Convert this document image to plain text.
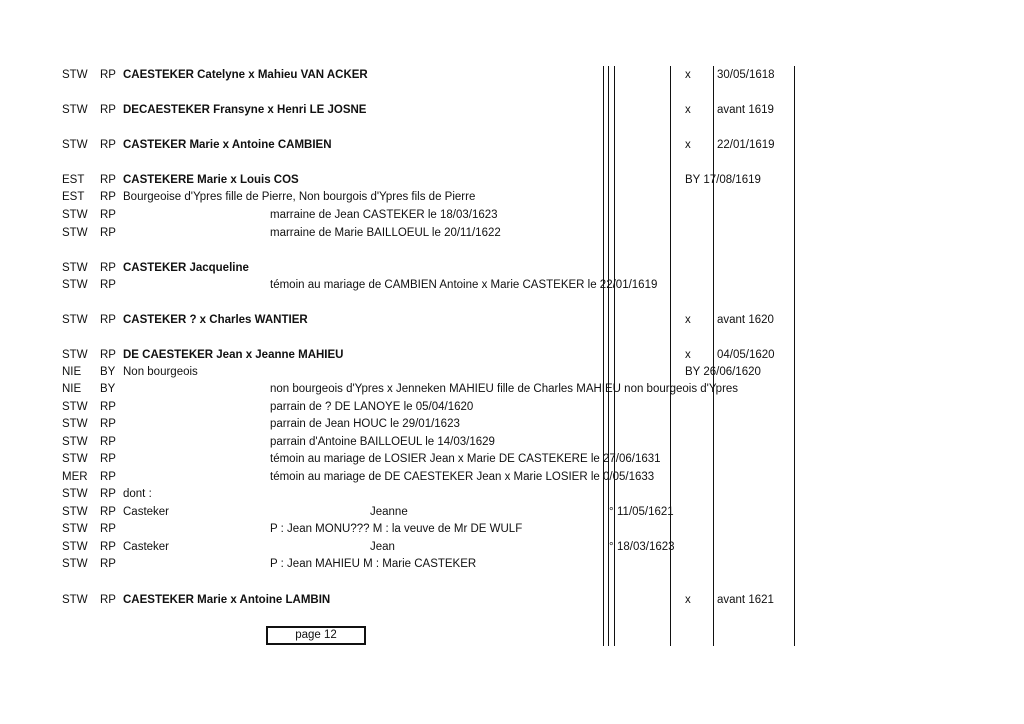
STW RP CAESTEKER Catelyne x Mahieu VAN ACKER	x 30/05/1618
STW RP DECAESTEKER Fransyne x Henri LE JOSNE	x avant 1619
STW RP CASTEKER Marie x Antoine CAMBIEN	x 22/01/1619
EST RP CASTEKERE Marie x Louis COS	BY 17/08/1619
EST RP Bourgeoise d'Ypres fille de Pierre, Non bourgois d'Ypres fils de Pierre
STW RP	marraine de Jean CASTEKER le 18/03/1623
STW RP	marraine de Marie BAILLOEUL le 20/11/1622
STW RP CASTEKER Jacqueline
STW RP	témoin au mariage de CAMBIEN Antoine x Marie CASTEKER le 22/01/1619
STW RP CASTEKER ? x Charles WANTIER	x avant 1620
STW RP DE CAESTEKER Jean x Jeanne MAHIEU	x 04/05/1620
NIE BY Non bourgeois	BY 26/06/1620
NIE BY	non bourgeois d'Ypres x Jenneken MAHIEU fille de Charles MAHIEU non bourgeois d'Ypres
STW RP	parrain de ? DE LANOYE le 05/04/1620
STW RP	parrain de Jean HOUC le 29/01/1623
STW RP	parrain d'Antoine BAILLOEUL le 14/03/1629
STW RP	témoin au mariage de LOSIER Jean x Marie DE CASTEKERE le 27/06/1631
MER RP	témoin au mariage de DE CAESTEKER Jean x Marie LOSIER le 0/05/1633
STW RP dont :
STW RP Casteker	Jeanne	° 11/05/1621
STW RP	P : Jean MONU??? M : la veuve de Mr DE WULF
STW RP Casteker	Jean	° 18/03/1623
STW RP	P : Jean MAHIEU M : Marie CASTEKER
STW RP CAESTEKER Marie x Antoine LAMBIN	x avant 1621
page 12
